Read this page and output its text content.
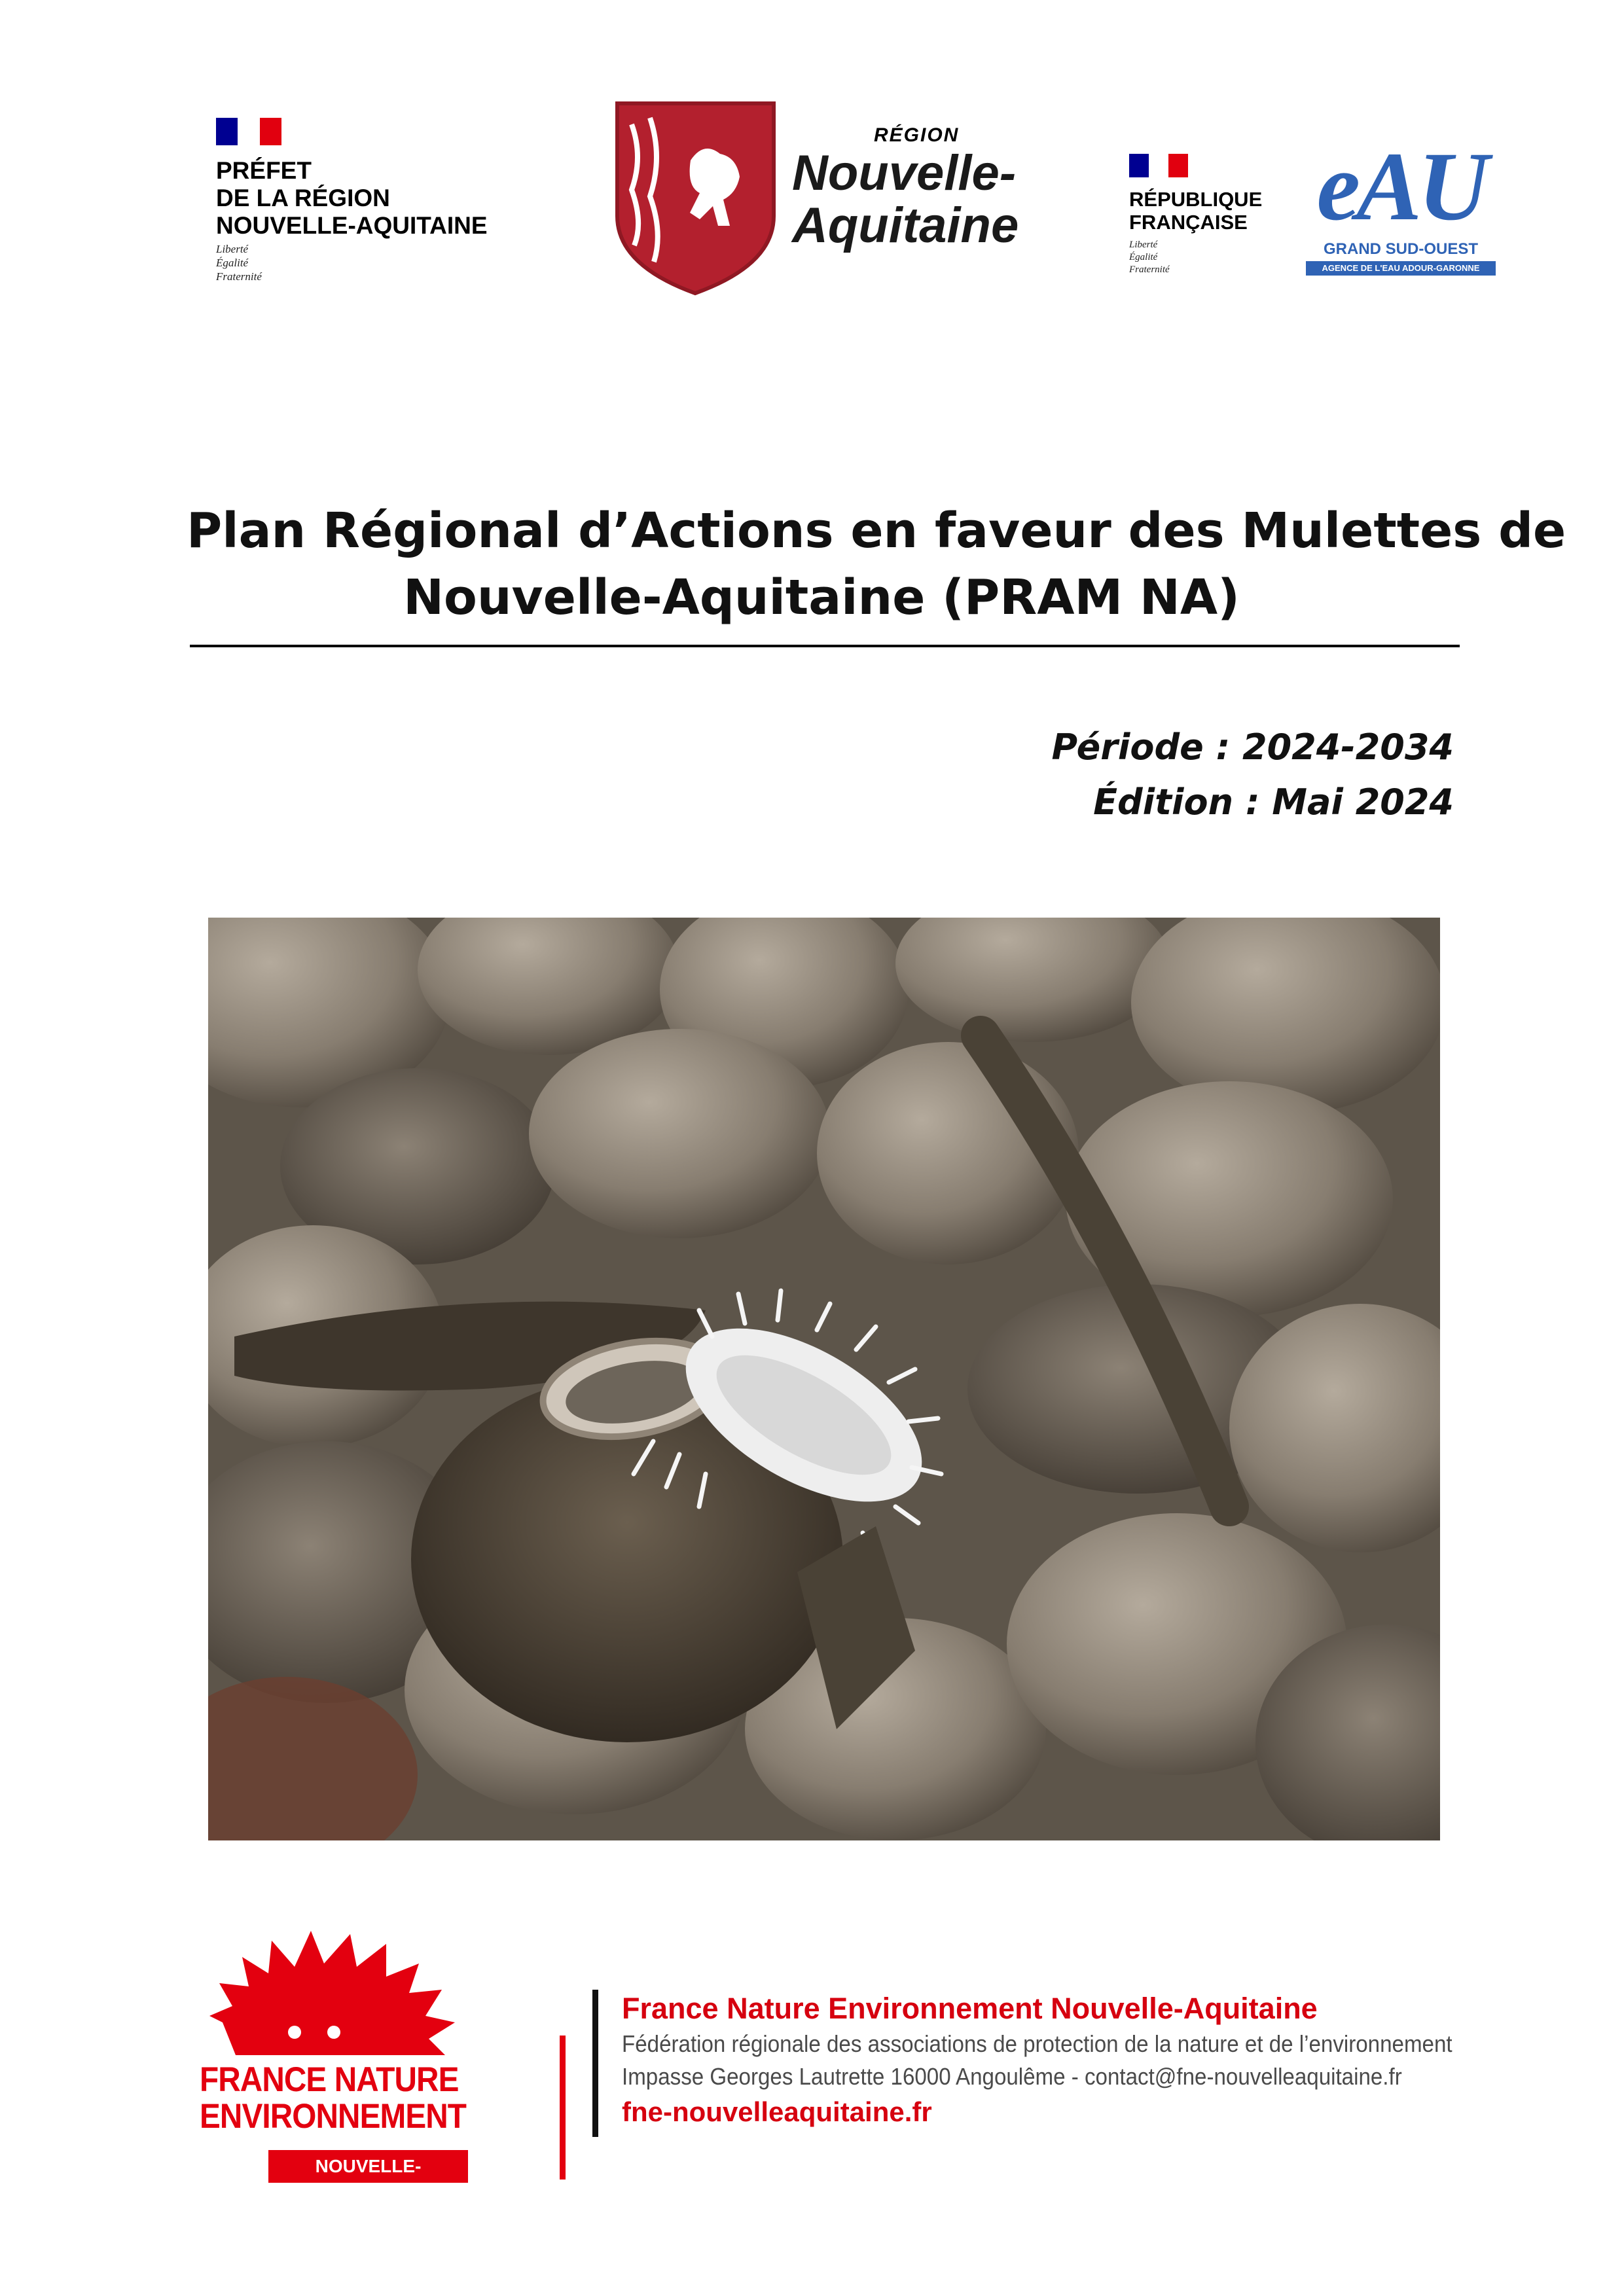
PRÉFET
DE LA RÉGION
NOUVELLE-AQUITAINE
Liberté
Égalité
Fraternité
RÉGION
Nouvelle-
Aquitaine	RÉPUBLIQUE
FRANÇAISE
Liberté
Égalité
Fraternité
eAU
GRAND SUD-OUEST
AGENCE DE L'EAU ADOUR-GARONNE
Plan Régional d’Actions en faveur des Mulettes de
Nouvelle-Aquitaine (PRAM NA)
Période : 2024-2034
Édition : Mai 2024
FRANCE NATURE
ENVIRONNEMENT
NOUVELLE-AQUITAINE
France Nature Environnement Nouvelle-Aquitaine
Fédération régionale des associations de protection de la nature et de l’environnement
Impasse Georges Lautrette 16000 Angoulême - contact@fne-nouvelleaquitaine.fr
fne-nouvelleaquitaine.fr
